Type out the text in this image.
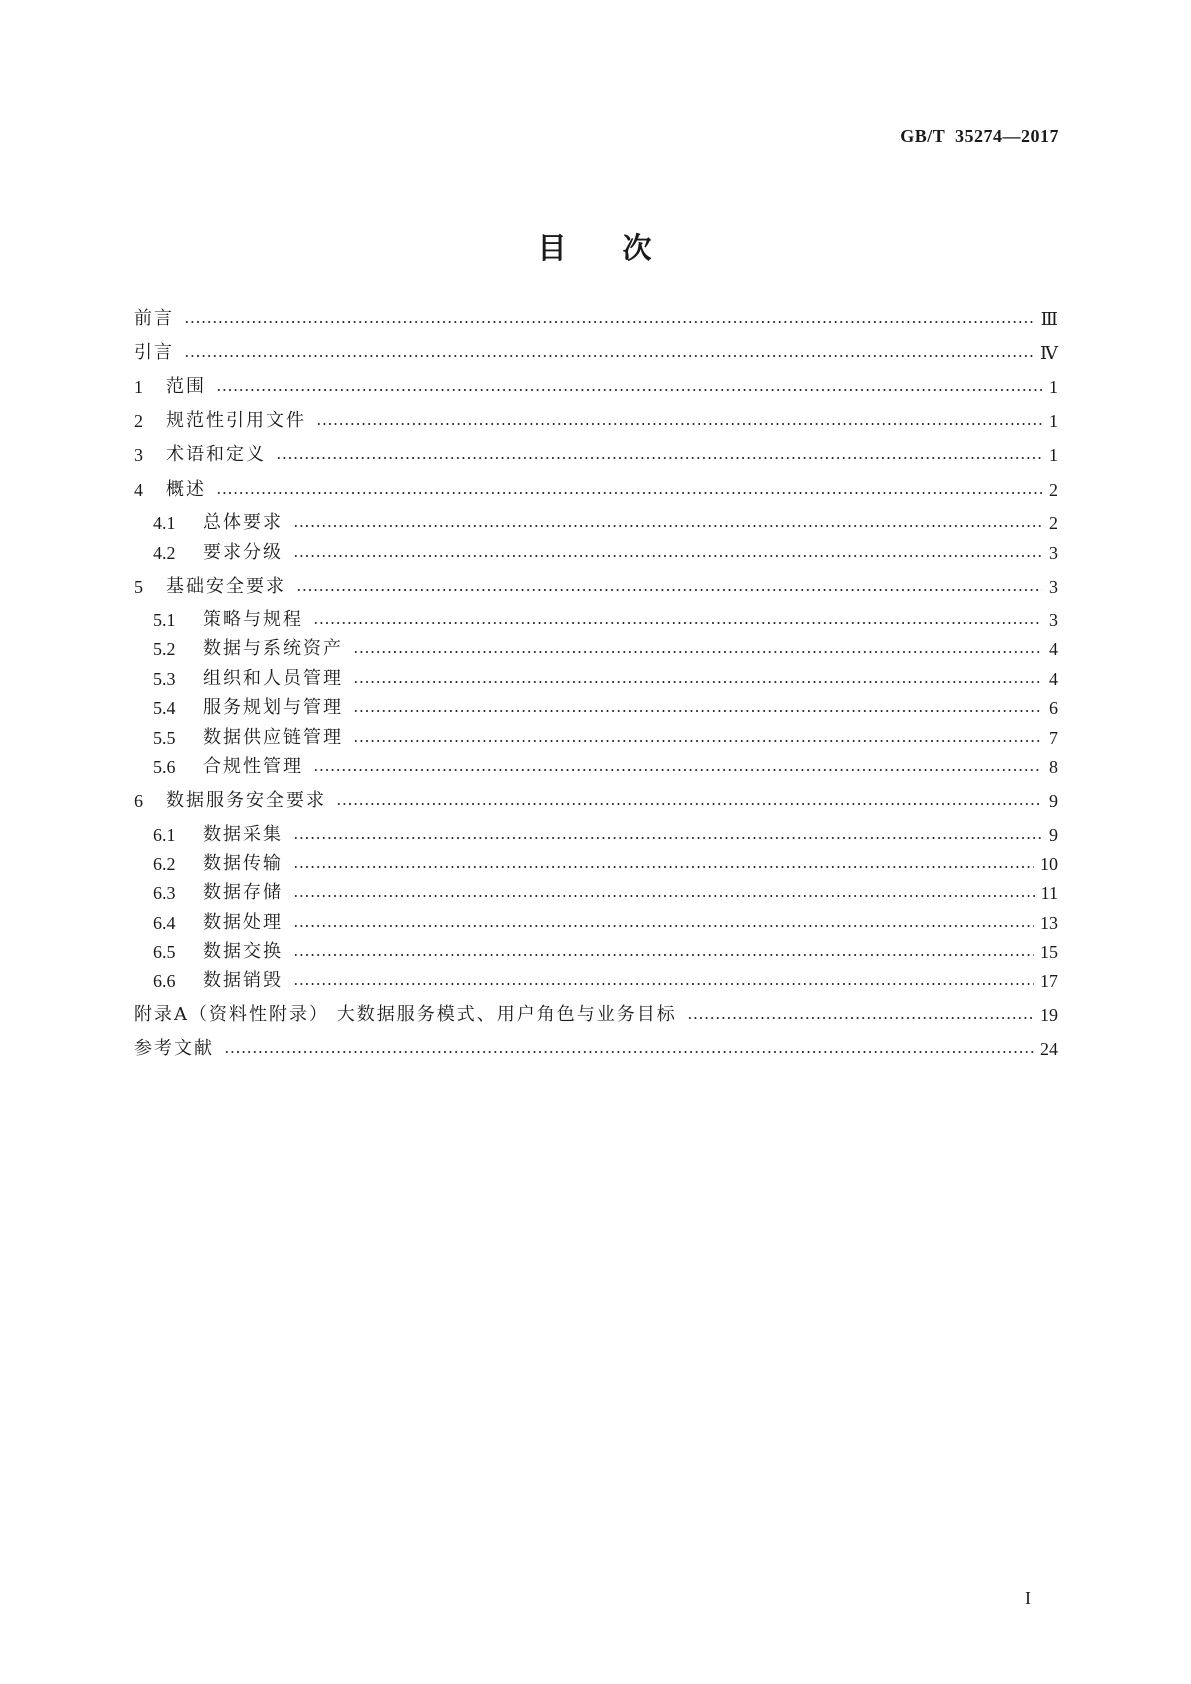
GB/T  35274—2017
目 次
前言	Ⅲ
引言	Ⅳ
1	范围	1
2	规范性引用文件	1
3	术语和定义	1
4	概述	2
4.1	总体要求	2
4.2	要求分级	3
5	基础安全要求	3
5.1	策略与规程	3
5.2	数据与系统资产	4
5.3	组织和人员管理	4
5.4	服务规划与管理	6
5.5	数据供应链管理	7
5.6	合规性管理	8
6	数据服务安全要求	9
6.1	数据采集	9
6.2	数据传输	10
6.3	数据存储	11
6.4	数据处理	13
6.5	数据交换	15
6.6	数据销毁	17
附录A（资料性附录） 大数据服务模式、用户角色与业务目标	19
参考文献	24
I
